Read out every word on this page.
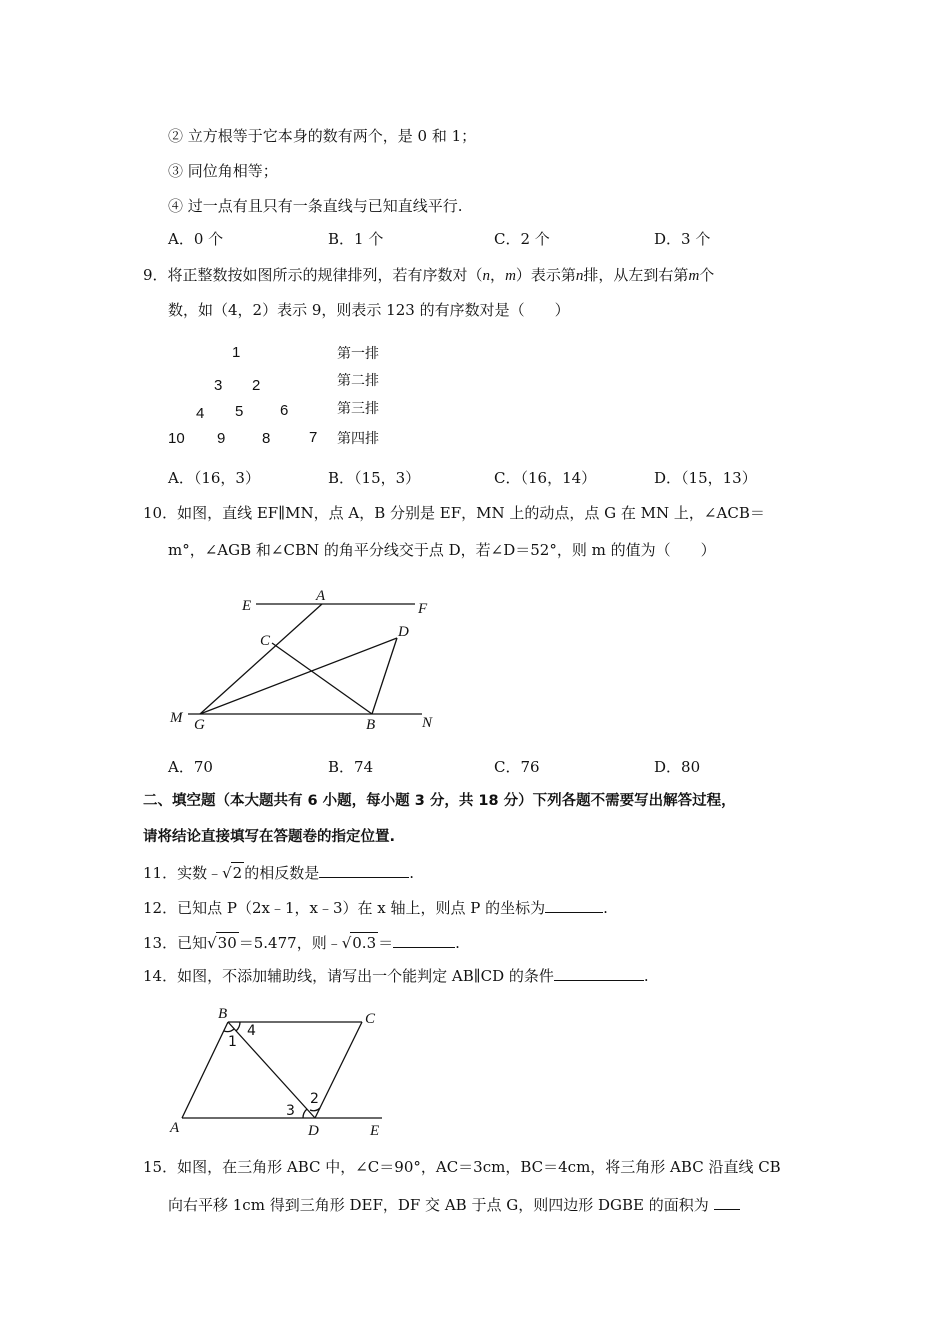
② 立方根等于它本身的数有两个，是 0 和 1；
③ 同位角相等；
④ 过一点有且只有一条直线与已知直线平行.
A．0 个	B．1 个	C．2 个	D．3 个
9．将正整数按如图所示的规律排列，若有序数对（n，m）表示第n排，从左到右第m个
数，如（4，2）表示 9，则表示 123 的有序数对是（　　）
1
3 2
4 5 6
10 9 8	7
第一排
第二排
第三排
第四排
A．（16，3）	B．（15，3）	C．（16，14）	D．（15，13）
10．如图，直线 EF∥MN，点 A，B 分别是 EF，MN 上的动点，点 G 在 MN 上，∠ACB＝
m°，∠AGB 和∠CBN 的角平分线交于点 D，若∠D＝52°，则 m 的值为（　　）
E
A
F
C
D
M G	B	N
A．70	B．74	C．76	D．80
二、填空题（本大题共有 6 小题，每小题 3 分，共 18 分）下列各题不需要写出解答过程，
请将结论直接填写在答题卷的指定位置.
11．实数﹣√2 的相反数是	.
12．已知点 P（2x﹣1，x﹣3）在 x 轴上，则点 P 的坐标为	.
13．已知√30 ＝5.477，则﹣√0.3 ＝	.
14．如图，不添加辅助线，请写出一个能判定 AB∥CD 的条件	.
B	C
A	D	E
1
4
3
2
15．如图，在三角形 ABC 中，∠C＝90°，AC＝3cm，BC＝4cm，将三角形 ABC 沿直线 CB
向右平移 1cm 得到三角形 DEF，DF 交 AB 于点 G，则四边形 DGBE 的面积为
